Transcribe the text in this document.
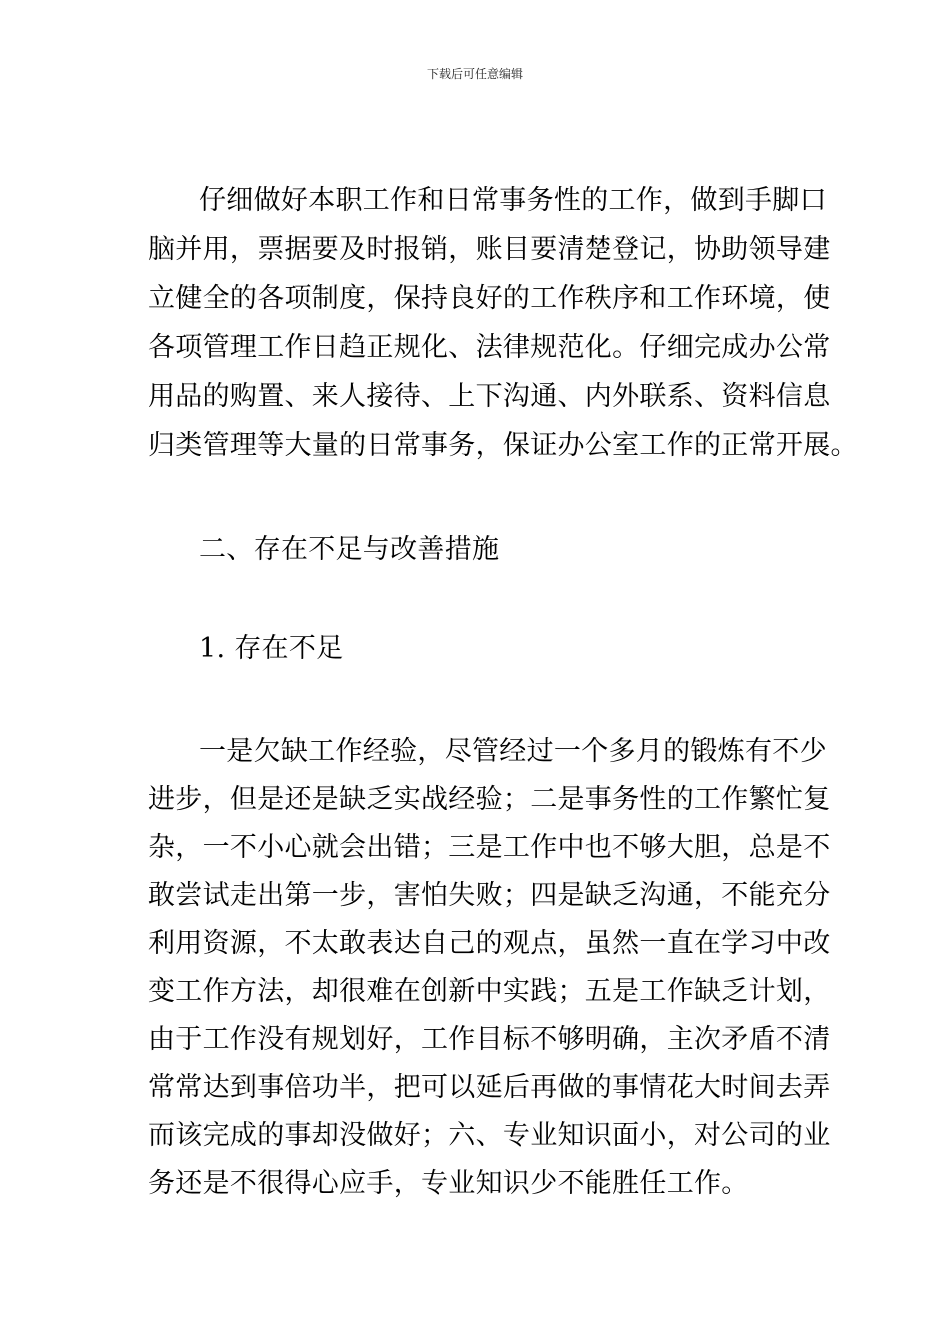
下载后可任意编辑
仔细做好本职工作和日常事务性的工作，做到手脚口
脑并用，票据要及时报销，账目要清楚登记，协助领导建
立健全的各项制度，保持良好的工作秩序和工作环境，使
各项管理工作日趋正规化、法律规范化。仔细完成办公常
用品的购置、来人接待、上下沟通、内外联系、资料信息
归类管理等大量的日常事务，保证办公室工作的正常开展。
二、存在不足与改善措施
1. 存在不足
一是欠缺工作经验，尽管经过一个多月的锻炼有不少
进步，但是还是缺乏实战经验；二是事务性的工作繁忙复
杂，一不小心就会出错；三是工作中也不够大胆，总是不
敢尝试走出第一步，害怕失败；四是缺乏沟通，不能充分
利用资源，不太敢表达自己的观点，虽然一直在学习中改
变工作方法，却很难在创新中实践；五是工作缺乏计划，
由于工作没有规划好，工作目标不够明确，主次矛盾不清
常常达到事倍功半，把可以延后再做的事情花大时间去弄
而该完成的事却没做好；六、专业知识面小，对公司的业
务还是不很得心应手，专业知识少不能胜任工作。
